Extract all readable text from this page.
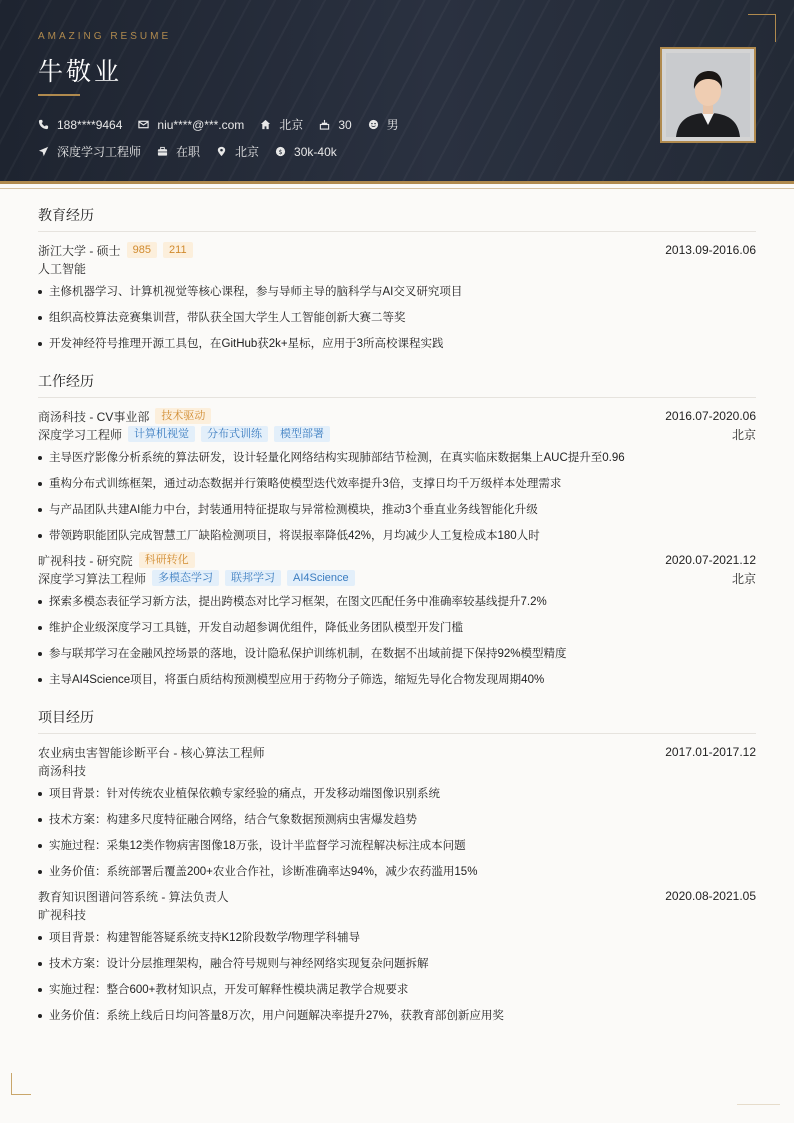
AMAZING RESUME
牛敬业
188****9464	niu****@***.com	北京	30	男
深度学习工程师	在职	北京	$ 30k-40k
教育经历
浙江大学 - 硕士	985	211	2013.09-2016.06
人工智能
主修机器学习、计算机视觉等核心课程，参与导师主导的脑科学与AI交叉研究项目
组织高校算法竞赛集训营，带队获全国大学生人工智能创新大赛二等奖
开发神经符号推理开源工具包，在GitHub获2k+星标，应用于3所高校课程实践
工作经历
商汤科技 - CV事业部	技术驱动	2016.07-2020.06
深度学习工程师	计算机视觉	分布式训练	模型部署	北京
主导医疗影像分析系统的算法研发，设计轻量化网络结构实现肺部结节检测，在真实临床数据集上AUC提升至0.96
重构分布式训练框架，通过动态数据并行策略使模型迭代效率提升3倍，支撑日均千万级样本处理需求
与产品团队共建AI能力中台，封装通用特征提取与异常检测模块，推动3个垂直业务线智能化升级
带领跨职能团队完成智慧工厂缺陷检测项目，将误报率降低42%，月均减少人工复检成本180人时
旷视科技 - 研究院	科研转化	2020.07-2021.12
深度学习算法工程师	多模态学习	联邦学习	AI4Science	北京
探索多模态表征学习新方法，提出跨模态对比学习框架，在图文匹配任务中准确率较基线提升7.2%
维护企业级深度学习工具链，开发自动超参调优组件，降低业务团队模型开发门槛
参与联邦学习在金融风控场景的落地，设计隐私保护训练机制，在数据不出域前提下保持92%模型精度
主导AI4Science项目，将蛋白质结构预测模型应用于药物分子筛选，缩短先导化合物发现周期40%
项目经历
农业病虫害智能诊断平台 - 核心算法工程师	2017.01-2017.12
商汤科技
项目背景：针对传统农业植保依赖专家经验的痛点，开发移动端图像识别系统
技术方案：构建多尺度特征融合网络，结合气象数据预测病虫害爆发趋势
实施过程：采集12类作物病害图像18万张，设计半监督学习流程解决标注成本问题
业务价值：系统部署后覆盖200+农业合作社，诊断准确率达94%，减少农药滥用15%
教育知识图谱问答系统 - 算法负责人	2020.08-2021.05
旷视科技
项目背景：构建智能答疑系统支持K12阶段数学/物理学科辅导
技术方案：设计分层推理架构，融合符号规则与神经网络实现复杂问题拆解
实施过程：整合600+教材知识点，开发可解释性模块满足教学合规要求
业务价值：系统上线后日均问答量8万次，用户问题解决率提升27%，获教育部创新应用奖
